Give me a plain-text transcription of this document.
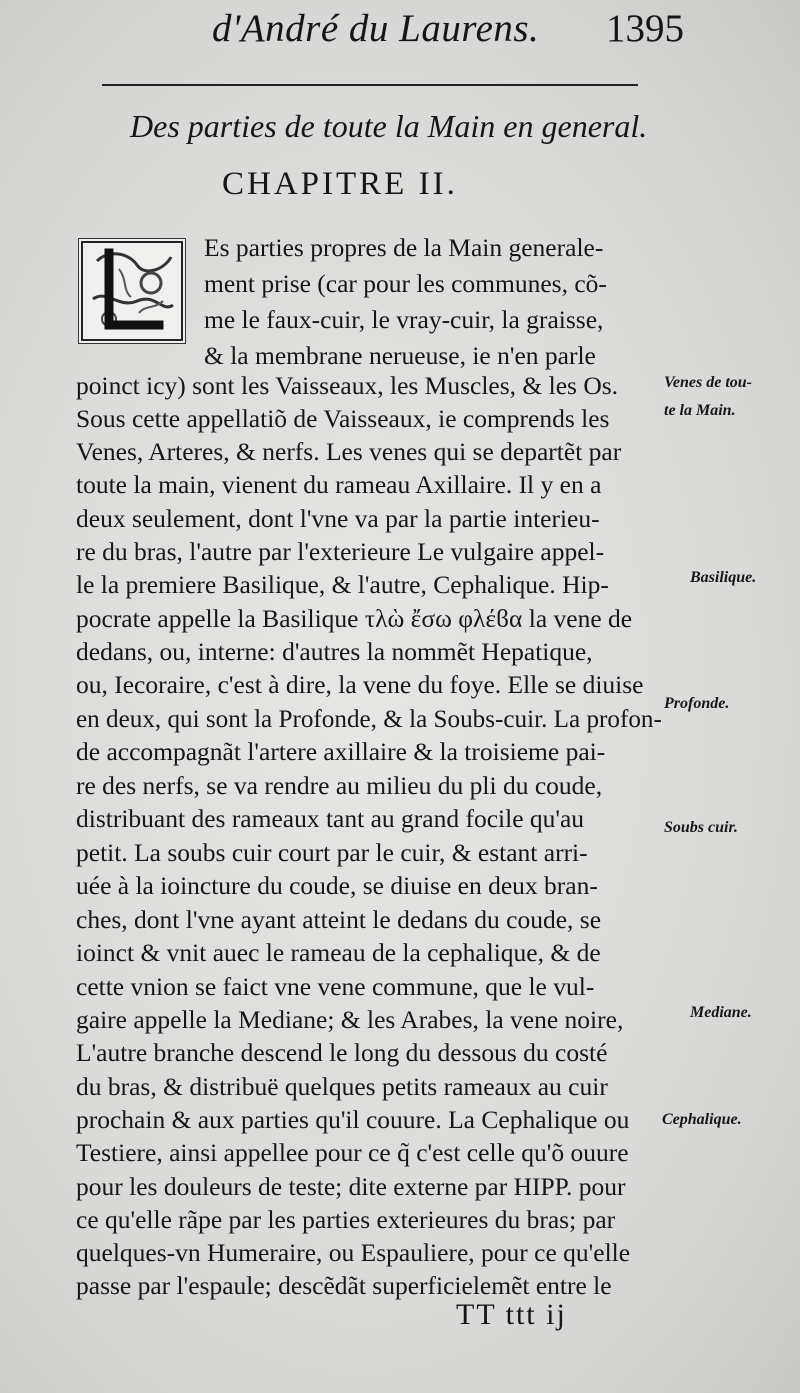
d'André du Laurens. 1395
Des parties de toute la Main en general.
CHAPITRE II.
Es parties propres de la Main generale-
ment prise (car pour les communes, cõ-
me le faux-cuir, le vray-cuir, la graisse,
& la membrane nerueuse, ie n'en parle
poinct icy) sont les Vaisseaux, les Muscles, & les Os.
Sous cette appellatiõ de Vaisseaux, ie comprends les
Venes, Arteres, & nerfs. Les venes qui se departẽt par
toute la main, vienent du rameau Axillaire. Il y en a
deux seulement, dont l'vne va par la partie interieu-
re du bras, l'autre par l'exterieure Le vulgaire appel-
le la premiere Basilique, & l'autre, Cephalique. Hip-
pocrate appelle la Basilique τλὼ ἔσω φλέϐα la vene de
dedans, ou, interne: d'autres la nommẽt Hepatique,
ou, Iecoraire, c'est à dire, la vene du foye. Elle se diuise
en deux, qui sont la Profonde, & la Soubs-cuir. La profon-
de accompagnãt l'artere axillaire & la troisieme pai-
re des nerfs, se va rendre au milieu du pli du coude,
distribuant des rameaux tant au grand focile qu'au
petit. La soubs cuir court par le cuir, & estant arri-
uée à la ioincture du coude, se diuise en deux bran-
ches, dont l'vne ayant atteint le dedans du coude, se
ioinct & vnit auec le rameau de la cephalique, & de
cette vnion se faict vne vene commune, que le vul-
gaire appelle la Mediane; & les Arabes, la vene noire,
L'autre branche descend le long du dessous du costé
du bras, & distribuë quelques petits rameaux au cuir
prochain & aux parties qu'il couure. La Cephalique ou
Testiere, ainsi appellee pour ce q̃ c'est celle qu'õ ouure
pour les douleurs de teste; dite externe par HIPP. pour
ce qu'elle rãpe par les parties exterieures du bras; par
quelques-vn Humeraire, ou Espauliere, pour ce qu'elle
passe par l'espaule; descẽdãt superficielemẽt entre le
Venes de tou-
te la Main.
Basilique.
Profonde.
Soubs cuir.
Mediane.
Cephalique.
TT ttt ij
